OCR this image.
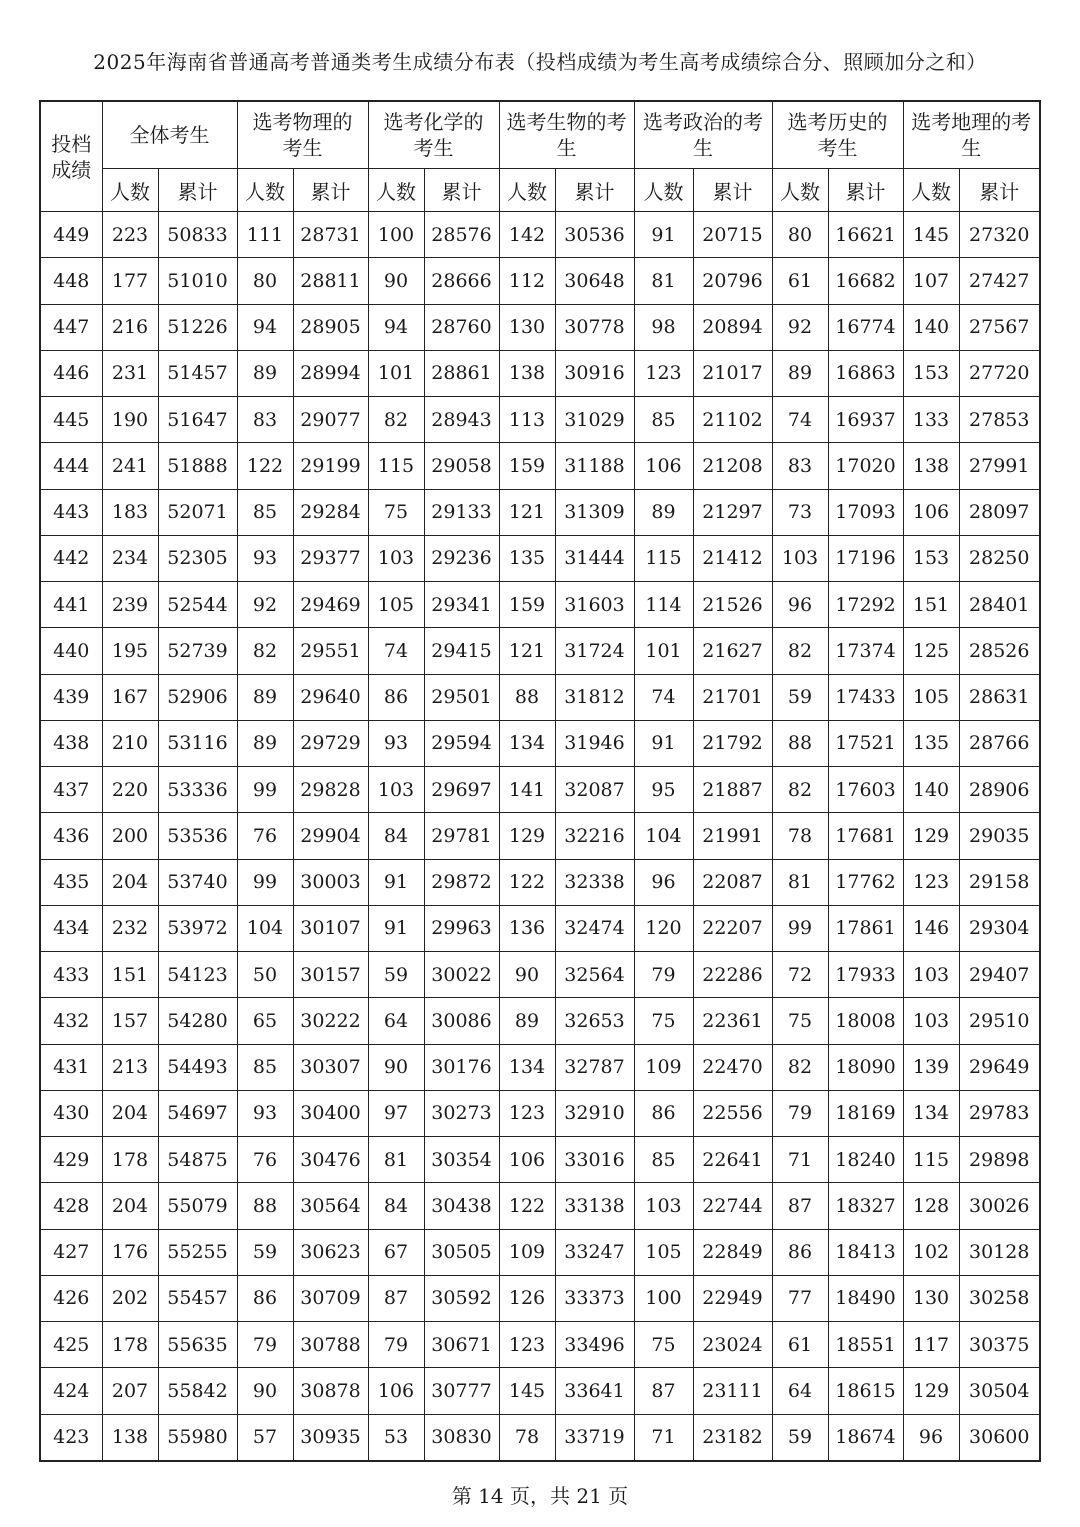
2025年海南省普通高考普通类考生成绩分布表（投档成绩为考生高考成绩综合分、照顾加分之和）
投档
成绩	全体考生		选考物理的考生		选考化学的考生		选考生物的考生		选考政治的考生		选考历史的考生		选考地理的考生	
	人数	累计	人数	累计	人数	累计	人数	累计	人数	累计	人数	累计	人数	累计
449	223	50833	111	28731	100	28576	142	30536	91	20715	80	16621	145	27320
448	177	51010	80	28811	90	28666	112	30648	81	20796	61	16682	107	27427
447	216	51226	94	28905	94	28760	130	30778	98	20894	92	16774	140	27567
446	231	51457	89	28994	101	28861	138	30916	123	21017	89	16863	153	27720
445	190	51647	83	29077	82	28943	113	31029	85	21102	74	16937	133	27853
444	241	51888	122	29199	115	29058	159	31188	106	21208	83	17020	138	27991
443	183	52071	85	29284	75	29133	121	31309	89	21297	73	17093	106	28097
442	234	52305	93	29377	103	29236	135	31444	115	21412	103	17196	153	28250
441	239	52544	92	29469	105	29341	159	31603	114	21526	96	17292	151	28401
440	195	52739	82	29551	74	29415	121	31724	101	21627	82	17374	125	28526
439	167	52906	89	29640	86	29501	88	31812	74	21701	59	17433	105	28631
438	210	53116	89	29729	93	29594	134	31946	91	21792	88	17521	135	28766
437	220	53336	99	29828	103	29697	141	32087	95	21887	82	17603	140	28906
436	200	53536	76	29904	84	29781	129	32216	104	21991	78	17681	129	29035
435	204	53740	99	30003	91	29872	122	32338	96	22087	81	17762	123	29158
434	232	53972	104	30107	91	29963	136	32474	120	22207	99	17861	146	29304
433	151	54123	50	30157	59	30022	90	32564	79	22286	72	17933	103	29407
432	157	54280	65	30222	64	30086	89	32653	75	22361	75	18008	103	29510
431	213	54493	85	30307	90	30176	134	32787	109	22470	82	18090	139	29649
430	204	54697	93	30400	97	30273	123	32910	86	22556	79	18169	134	29783
429	178	54875	76	30476	81	30354	106	33016	85	22641	71	18240	115	29898
428	204	55079	88	30564	84	30438	122	33138	103	22744	87	18327	128	30026
427	176	55255	59	30623	67	30505	109	33247	105	22849	86	18413	102	30128
426	202	55457	86	30709	87	30592	126	33373	100	22949	77	18490	130	30258
425	178	55635	79	30788	79	30671	123	33496	75	23024	61	18551	117	30375
424	207	55842	90	30878	106	30777	145	33641	87	23111	64	18615	129	30504
423	138	55980	57	30935	53	30830	78	33719	71	23182	59	18674	96	30600
第 14 页，共 21 页
